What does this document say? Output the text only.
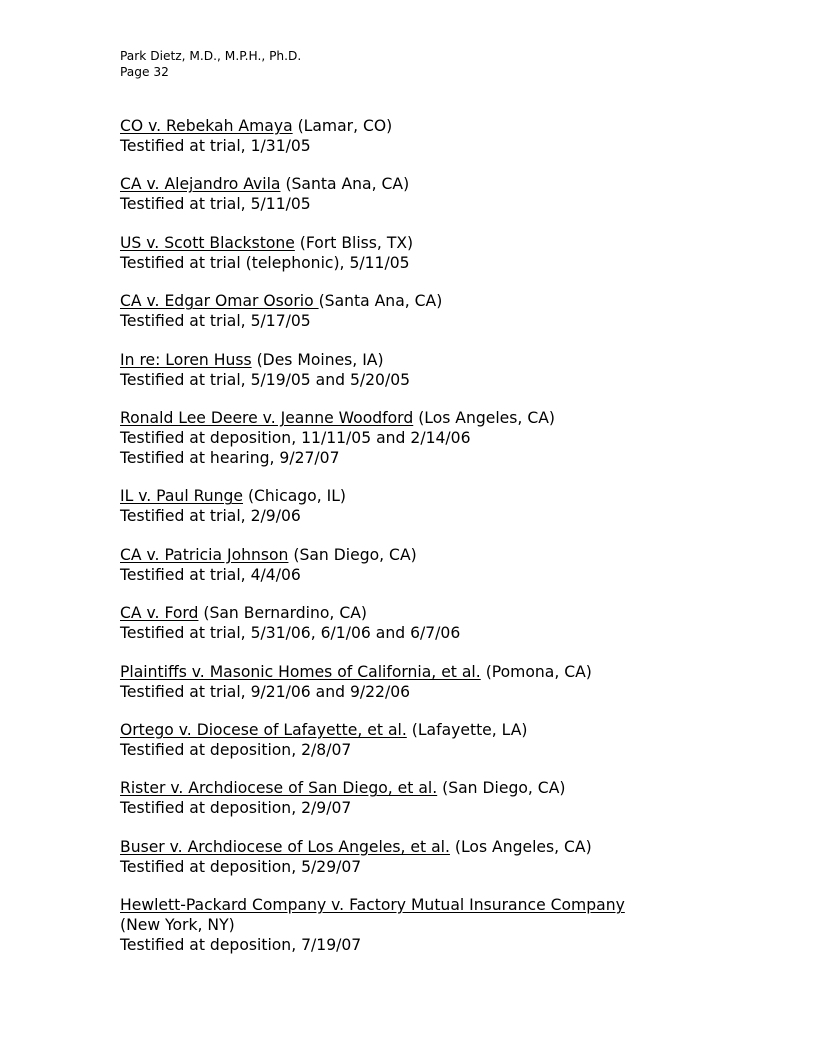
Park Dietz, M.D., M.P.H., Ph.D.
Page 32
CO v. Rebekah Amaya (Lamar, CO)
Testified at trial, 1/31/05
CA v. Alejandro Avila (Santa Ana, CA)
Testified at trial, 5/11/05
US v. Scott Blackstone (Fort Bliss, TX)
Testified at trial (telephonic), 5/11/05
CA v. Edgar Omar Osorio (Santa Ana, CA)
Testified at trial, 5/17/05
In re: Loren Huss (Des Moines, IA)
Testified at trial, 5/19/05 and 5/20/05
Ronald Lee Deere v. Jeanne Woodford (Los Angeles, CA)
Testified at deposition, 11/11/05 and 2/14/06
Testified at hearing, 9/27/07
IL v. Paul Runge (Chicago, IL)
Testified at trial, 2/9/06
CA v. Patricia Johnson (San Diego, CA)
Testified at trial, 4/4/06
CA v. Ford (San Bernardino, CA)
Testified at trial, 5/31/06, 6/1/06 and 6/7/06
Plaintiffs v. Masonic Homes of California, et al. (Pomona, CA)
Testified at trial, 9/21/06 and 9/22/06
Ortego v. Diocese of Lafayette, et al. (Lafayette, LA)
Testified at deposition, 2/8/07
Rister v. Archdiocese of San Diego, et al. (San Diego, CA)
Testified at deposition, 2/9/07
Buser v. Archdiocese of Los Angeles, et al. (Los Angeles, CA)
Testified at deposition, 5/29/07
Hewlett-Packard Company v. Factory Mutual Insurance Company
(New York, NY)
Testified at deposition, 7/19/07
